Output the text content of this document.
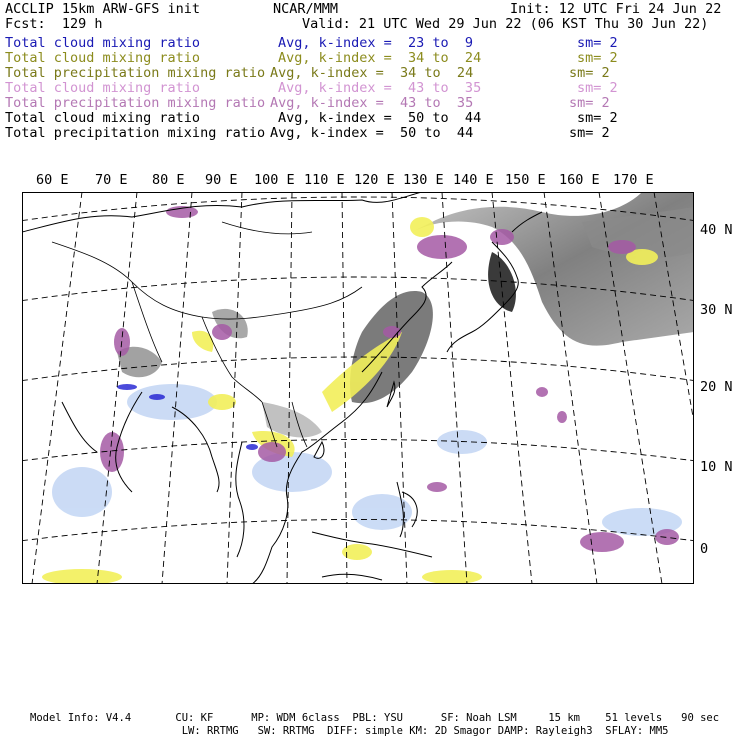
ACCLIP 15km ARW-GFS init	NCAR/MMM	Init: 12 UTC Fri 24 Jun 22
Fcst:  129 h	Valid: 21 UTC Wed 29 Jun 22 (06 KST Thu 30 Jun 22)
Total cloud mixing ratio	Avg, k-index =  23 to  9	sm= 2
Total cloud mixing ratio	Avg, k-index =  34 to  24	sm= 2
Total precipitation mixing ratio Avg, k-index =  34 to  24	sm= 2
Total cloud mixing ratio	Avg, k-index =  43 to  35	sm= 2
Total precipitation mixing ratio Avg, k-index =  43 to  35	sm= 2
Total cloud mixing ratio	Avg, k-index =  50 to  44	sm= 2
Total precipitation mixing ratio Avg, k-index =  50 to  44	sm= 2
60 E 70 E 80 E 90 E 100 E 110 E 120 E 130 E 140 E 150 E 160 E 170 E
40 N
30 N
20 N
10 N
0
Model Info: V4.4       CU: KF      MP: WDM 6class  PBL: YSU      SF: Noah LSM     15 km    51 levels   90 sec
LW: RRTMG   SW: RRTMG  DIFF: simple KM: 2D Smagor DAMP: Rayleigh3  SFLAY: MM5
